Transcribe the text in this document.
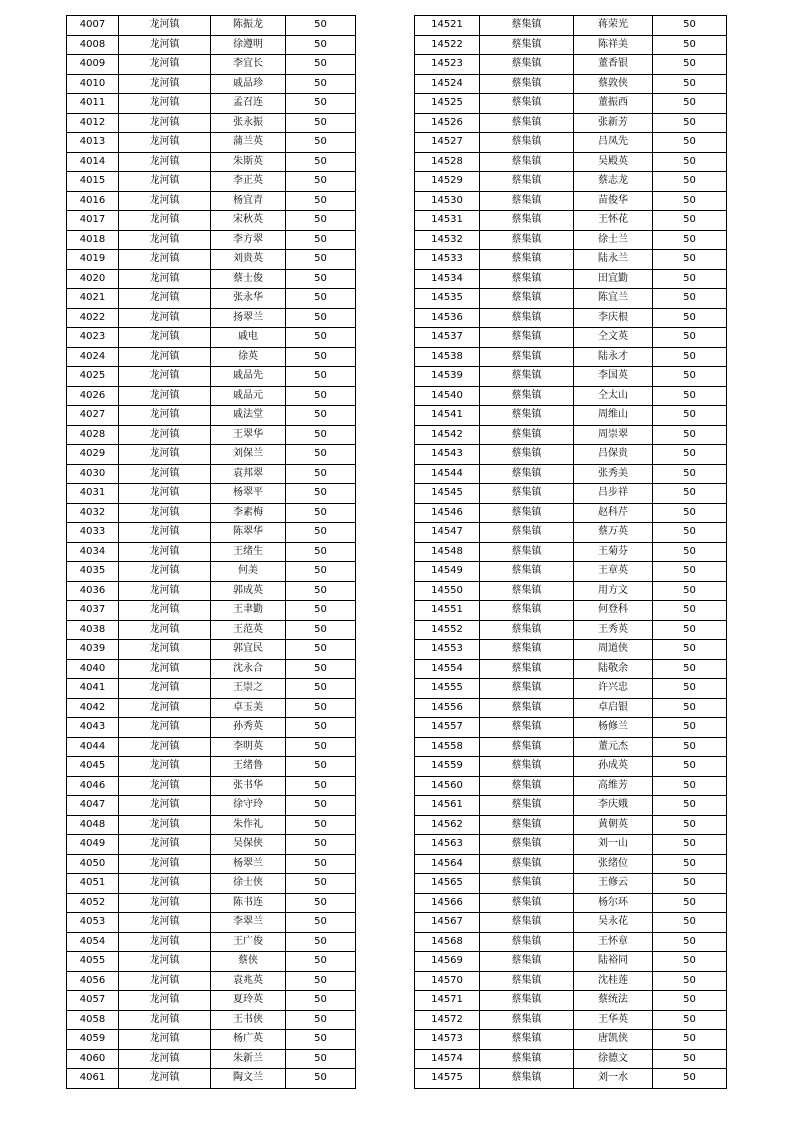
4007	龙河镇	陈振龙	50
4008	龙河镇	徐遵明	50
4009	龙河镇	李宜长	50
4010	龙河镇	戚品珍	50
4011	龙河镇	孟召连	50
4012	龙河镇	张永振	50
4013	龙河镇	蒲兰英	50
4014	龙河镇	朱斯英	50
4015	龙河镇	李正英	50
4016	龙河镇	杨宜青	50
4017	龙河镇	宋秋英	50
4018	龙河镇	李方翠	50
4019	龙河镇	刘贵英	50
4020	龙河镇	蔡士俊	50
4021	龙河镇	张永华	50
4022	龙河镇	扬翠兰	50
4023	龙河镇	戚电	50
4024	龙河镇	徐英	50
4025	龙河镇	戚品先	50
4026	龙河镇	戚品元	50
4027	龙河镇	戚法堂	50
4028	龙河镇	王翠华	50
4029	龙河镇	刘保兰	50
4030	龙河镇	袁邦翠	50
4031	龙河镇	杨翠平	50
4032	龙河镇	李素梅	50
4033	龙河镇	陈翠华	50
4034	龙河镇	王绪生	50
4035	龙河镇	何美	50
4036	龙河镇	郭成英	50
4037	龙河镇	王聿勤	50
4038	龙河镇	王范英	50
4039	龙河镇	郭宜民	50
4040	龙河镇	沈永合	50
4041	龙河镇	王崇之	50
4042	龙河镇	卓玉美	50
4043	龙河镇	孙秀英	50
4044	龙河镇	李明英	50
4045	龙河镇	王绪鲁	50
4046	龙河镇	张书华	50
4047	龙河镇	徐守玲	50
4048	龙河镇	朱作礼	50
4049	龙河镇	吴保侠	50
4050	龙河镇	杨翠兰	50
4051	龙河镇	徐士侠	50
4052	龙河镇	陈书连	50
4053	龙河镇	李翠兰	50
4054	龙河镇	王广俊	50
4055	龙河镇	蔡侠	50
4056	龙河镇	袁兆英	50
4057	龙河镇	夏玲英	50
4058	龙河镇	王书侠	50
4059	龙河镇	杨广英	50
4060	龙河镇	朱新兰	50
4061	龙河镇	陶文兰	50
14521	蔡集镇	蒋荣光	50
14522	蔡集镇	陈祥美	50
14523	蔡集镇	董香银	50
14524	蔡集镇	蔡敦侠	50
14525	蔡集镇	董振西	50
14526	蔡集镇	张新芳	50
14527	蔡集镇	吕凤先	50
14528	蔡集镇	吴殿英	50
14529	蔡集镇	蔡志龙	50
14530	蔡集镇	苗俊华	50
14531	蔡集镇	王怀花	50
14532	蔡集镇	徐士兰	50
14533	蔡集镇	陆永兰	50
14534	蔡集镇	田宜勤	50
14535	蔡集镇	陈宜兰	50
14536	蔡集镇	李庆根	50
14537	蔡集镇	仝文英	50
14538	蔡集镇	陆永才	50
14539	蔡集镇	李国英	50
14540	蔡集镇	仝太山	50
14541	蔡集镇	周维山	50
14542	蔡集镇	周崇翠	50
14543	蔡集镇	吕保贵	50
14544	蔡集镇	张秀美	50
14545	蔡集镇	吕步祥	50
14546	蔡集镇	赵科芹	50
14547	蔡集镇	蔡万英	50
14548	蔡集镇	王菊芬	50
14549	蔡集镇	王章英	50
14550	蔡集镇	用方文	50
14551	蔡集镇	何登科	50
14552	蔡集镇	王秀英	50
14553	蔡集镇	周道侠	50
14554	蔡集镇	陆敬余	50
14555	蔡集镇	许兴忠	50
14556	蔡集镇	卓启银	50
14557	蔡集镇	杨修兰	50
14558	蔡集镇	董元杰	50
14559	蔡集镇	孙成英	50
14560	蔡集镇	高维芳	50
14561	蔡集镇	李庆娥	50
14562	蔡集镇	黄朝英	50
14563	蔡集镇	刘一山	50
14564	蔡集镇	张绪位	50
14565	蔡集镇	王修云	50
14566	蔡集镇	杨尔环	50
14567	蔡集镇	吴永花	50
14568	蔡集镇	王怀章	50
14569	蔡集镇	陆裕同	50
14570	蔡集镇	沈桂莲	50
14571	蔡集镇	蔡统法	50
14572	蔡集镇	王华英	50
14573	蔡集镇	唐凯侠	50
14574	蔡集镇	徐德文	50
14575	蔡集镇	刘一水	50
